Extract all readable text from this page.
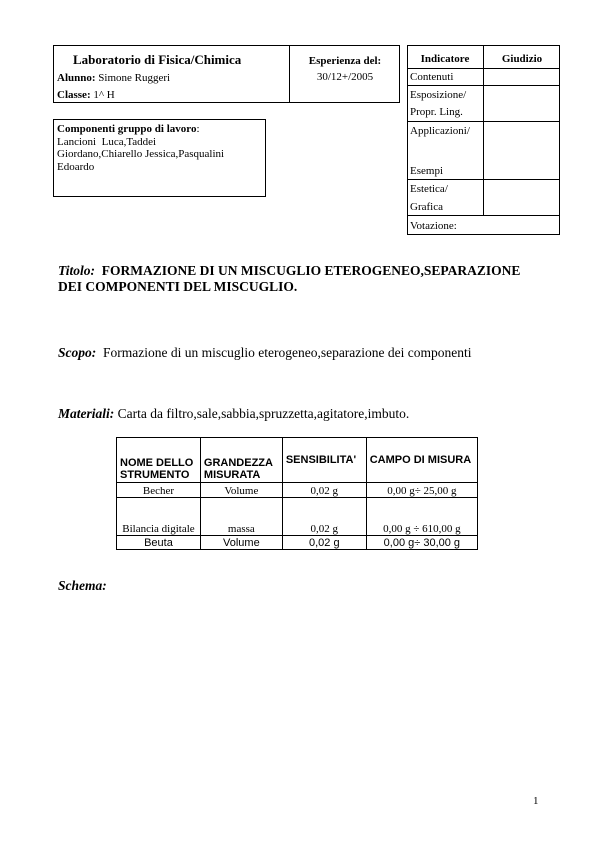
Laboratorio di Fisica/Chimica
Alunno: Simone Ruggeri
Classe: 1^ H
Esperienza del:
30/12+/2005
Indicatore	Giudizio
Contenuti
Esposizione/
Propr. Ling.
Applicazioni/
Esempi
Estetica/
Grafica
Votazione:
Componenti gruppo di lavoro:
Lancioni  Luca,Taddei
Giordano,Chiarello Jessica,Pasqualini
Edoardo
Titolo: FORMAZIONE DI UN MISCUGLIO ETEROGENEO,SEPARAZIONE
DEI COMPONENTI DEL MISCUGLIO.
Scopo: Formazione di un miscuglio eterogeneo,separazione dei componenti
Materiali: Carta da filtro,sale,sabbia,spruzzetta,agitatore,imbuto.
NOME DELLO STRUMENTO	GRANDEZZA MISURATA	SENSIBILITA'	CAMPO DI MISURA
Becher	Volume	0,02 g	0,00 g÷ 25,00 g
Bilancia digitale	massa	0,02 g	0,00 g ÷ 610,00 g
Beuta	Volume	0,02 g	0,00 g÷ 30,00 g
Schema:
1
